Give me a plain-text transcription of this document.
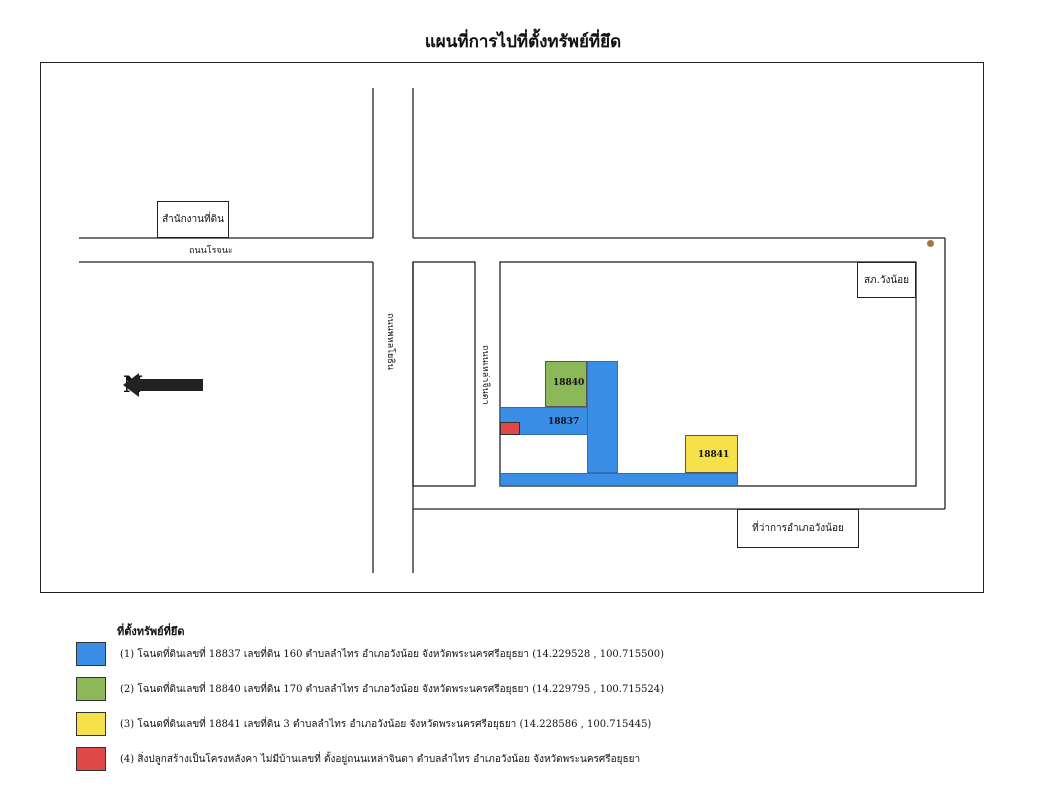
แผนที่การไปที่ตั้งทรัพย์ที่ยึด
18840
18837
18841
สำนักงานที่ดิน
สภ.วังน้อย
ที่ว่าการอำเภอวังน้อย
ถนนโรจนะ
ถนนพหลโยธิน
ถนนเหล่าจินดา
ที่ตั้งทรัพย์ที่ยึด
(1) โฉนดที่ดินเลขที่ 18837 เลขที่ดิน 160 ตำบลลำไทร อำเภอวังน้อย จังหวัดพระนครศรีอยุธยา (14.229528 , 100.715500)
(2) โฉนดที่ดินเลขที่ 18840 เลขที่ดิน 170 ตำบลลำไทร อำเภอวังน้อย จังหวัดพระนครศรีอยุธยา (14.229795 , 100.715524)
(3) โฉนดที่ดินเลขที่ 18841 เลขที่ดิน 3 ตำบลลำไทร อำเภอวังน้อย จังหวัดพระนครศรีอยุธยา (14.228586 , 100.715445)
(4) สิ่งปลูกสร้างเป็นโครงหลังคา ไม่มีบ้านเลขที่ ตั้งอยู่ถนนเหล่าจินดา ตำบลลำไทร อำเภอวังน้อย จังหวัดพระนครศรีอยุธยา
